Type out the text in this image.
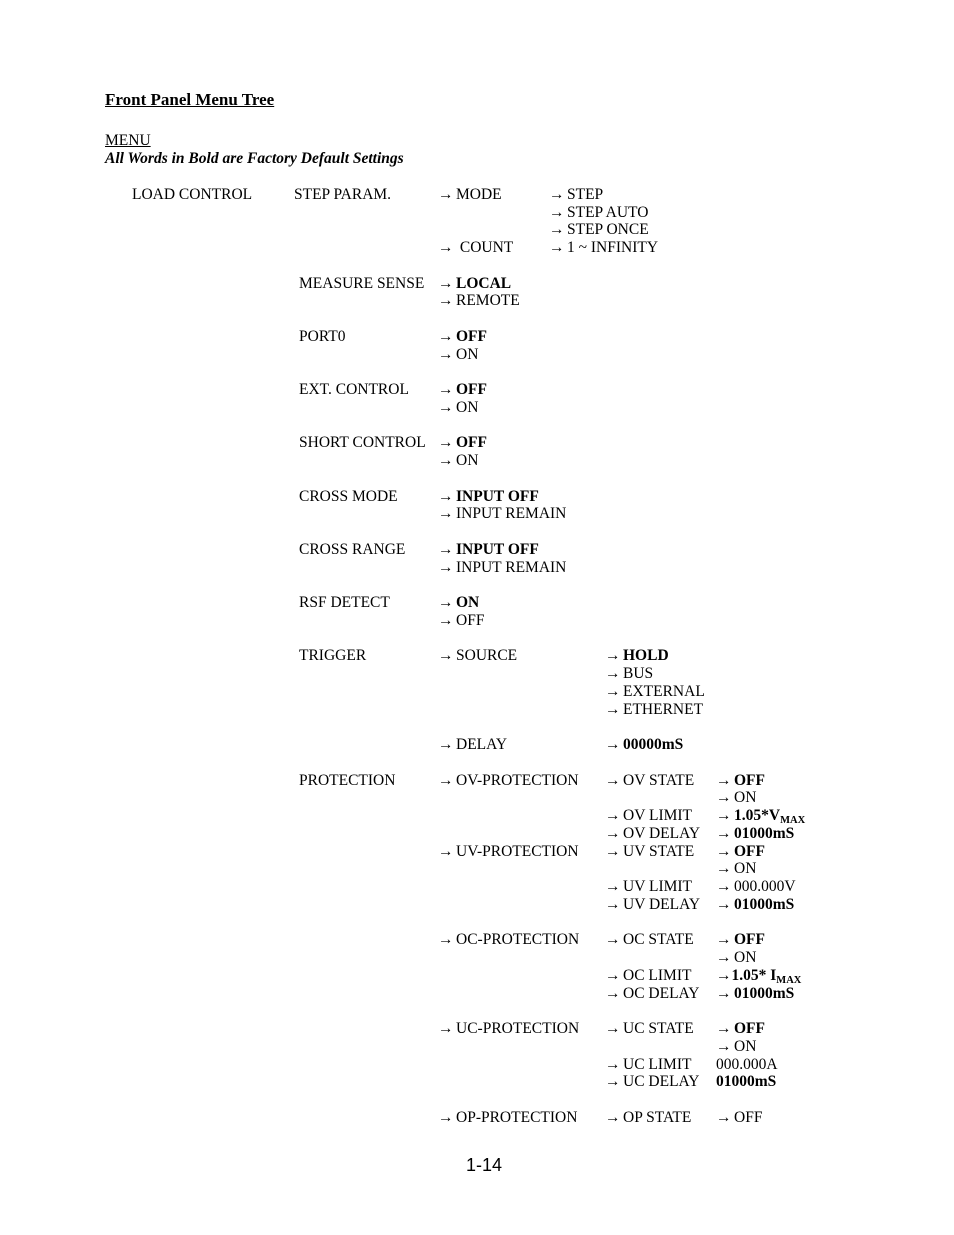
Front Panel Menu Tree
MENU
All Words in Bold are Factory Default Settings
LOAD CONTROL	STEP PARAM.	→ MODE	→ STEP
→ STEP AUTO
→ STEP ONCE
→ COUNT → 1 ~ INFINITY
MEASURE SENSE → LOCAL
→ REMOTE
PORT0	→ OFF
→ ON
EXT. CONTROL → OFF
→ ON
SHORT CONTROL → OFF
→ ON
CROSS MODE	→ INPUT OFF
→ INPUT REMAIN
CROSS RANGE → INPUT OFF
→ INPUT REMAIN
RSF DETECT	→ ON
→ OFF
TRIGGER	→ SOURCE	→ HOLD
→ BUS
→ EXTERNAL
→ ETHERNET
→ DELAY	→ 00000mS
PROTECTION	→ OV-PROTECTION → OV STATE → OFF
→ ON
→ OV LIMIT → 1.05*VMAX
→ OV DELAY → 01000mS
→ UV-PROTECTION → UV STATE → OFF
→ ON
→ UV LIMIT → 000.000V
→ UV DELAY → 01000mS
→ OC-PROTECTION → OC STATE → OFF
→ ON
→ OC LIMIT →1.05* IMAX
→ OC DELAY → 01000mS
→ UC-PROTECTION → UC STATE → OFF
→ ON
→ UC LIMIT 000.000A
→ UC DELAY 01000mS
→ OP-PROTECTION → OP STATE → OFF
1-14
